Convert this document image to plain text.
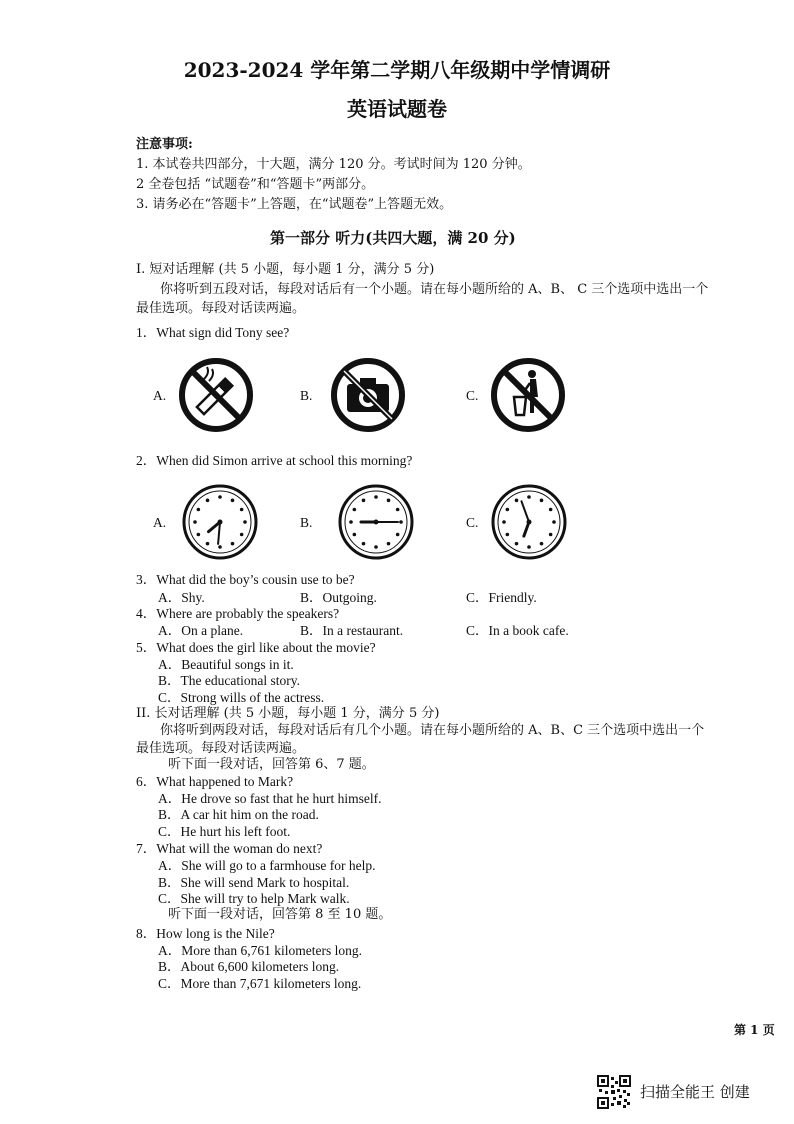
2023-2024 学年第二学期八年级期中学情调研
英语试题卷
注意事项:
1. 本试卷共四部分，十大题，满分 120 分。考试时间为 120 分钟。
2 全卷包括 “试题卷”和“答题卡”两部分。
3. 请务必在“答题卡”上答题，在“试题卷”上答题无效。
第一部分 听力(共四大题，满 20 分)
I. 短对话理解 (共 5 小题，每小题 1 分，满分 5 分)
你将听到五段对话，每段对话后有一个小题。请在每小题所给的 A、B、 C 三个选项中选出一个
最佳选项。每段对话读两遍。
1．What sign did Tony see?
A.	B.	C.
2．When did Simon arrive at school this morning?
A.	B.	C.
3．What did the boy’s cousin use to be?
A．Shy.	B．Outgoing.	C．Friendly.
4．Where are probably the speakers?
A．On a plane.	B．In a restaurant.	C．In a book cafe.
5．What does the girl like about the movie?
A．Beautiful songs in it.
B．The educational story.
C．Strong wills of the actress.
II. 长对话理解 (共 5 小题，每小题 1 分，满分 5 分)
你将听到两段对话，每段对话后有几个小题。请在每小题所给的 A、B、C 三个选项中选出一个
最佳选项。每段对话读两遍。
听下面一段对话，回答第 6、7 题。
6．What happened to Mark?
A．He drove so fast that he hurt himself.
B．A car hit him on the road.
C．He hurt his left foot.
7．What will the woman do next?
A．She will go to a farmhouse for help.
B．She will send Mark to hospital.
C．She will try to help Mark walk.
听下面一段对话，回答第 8 至 10 题。
8．How long is the Nile?
A．More than 6,761 kilometers long.
B．About 6,600 kilometers long.
C．More than 7,671 kilometers long.
第 1 页
扫描全能王 创建
